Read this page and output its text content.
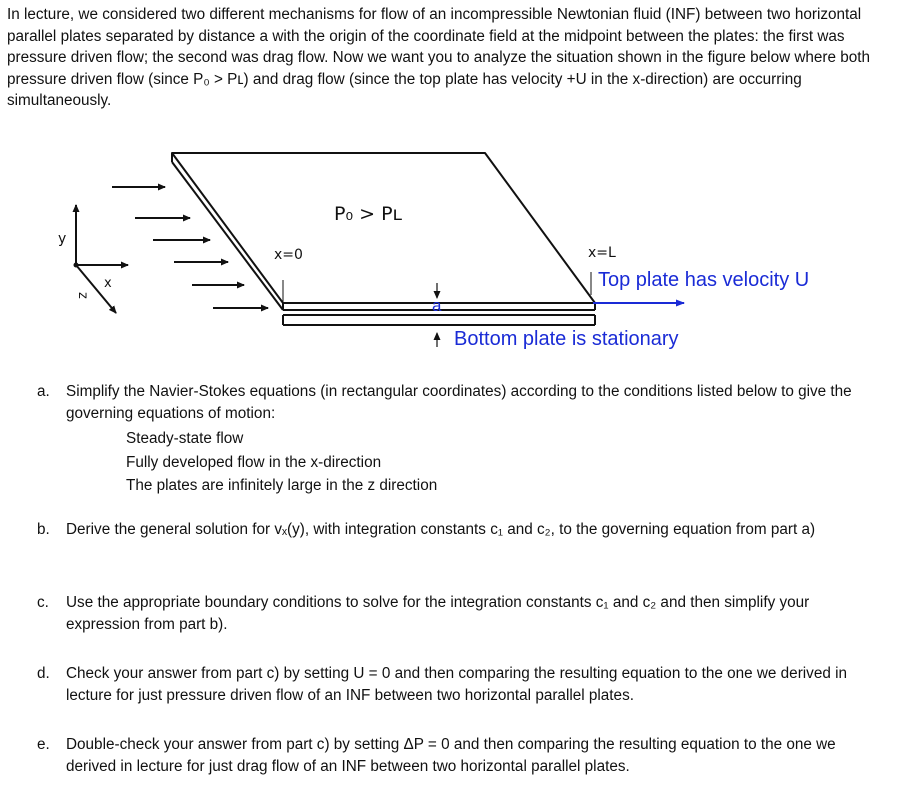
In lecture, we considered two different mechanisms for flow of an incompressible Newtonian fluid (INF) between two horizontal parallel plates separated by distance a with the origin of the coordinate field at the midpoint between the plates: the first was pressure driven flow; the second was drag flow. Now we want you to analyze the situation shown in the figure below where both pressure driven flow (since P₀ > Pʟ) and drag flow (since the top plate has velocity +U in the x-direction) are occurring simultaneously.

y
x
z
P₀ > Pʟ
x=0	x=L
a
Top plate has velocity U
Bottom plate is stationary
a. Simplify the Navier-Stokes equations (in rectangular coordinates) according to the conditions listed below to give the governing equations of motion:
Steady-state flow
Fully developed flow in the x-direction
The plates are infinitely large in the z direction
b. Derive the general solution for vₓ(y), with integration constants c₁ and c₂, to the governing equation from part a)
c. Use the appropriate boundary conditions to solve for the integration constants c₁ and c₂ and then simplify your expression from part b).
d. Check your answer from part c) by setting U = 0 and then comparing the resulting equation to the one we derived in lecture for just pressure driven flow of an INF between two horizontal parallel plates.
e. Double-check your answer from part c) by setting ΔP = 0 and then comparing the resulting equation to the one we derived in lecture for just drag flow of an INF between two horizontal parallel plates.
